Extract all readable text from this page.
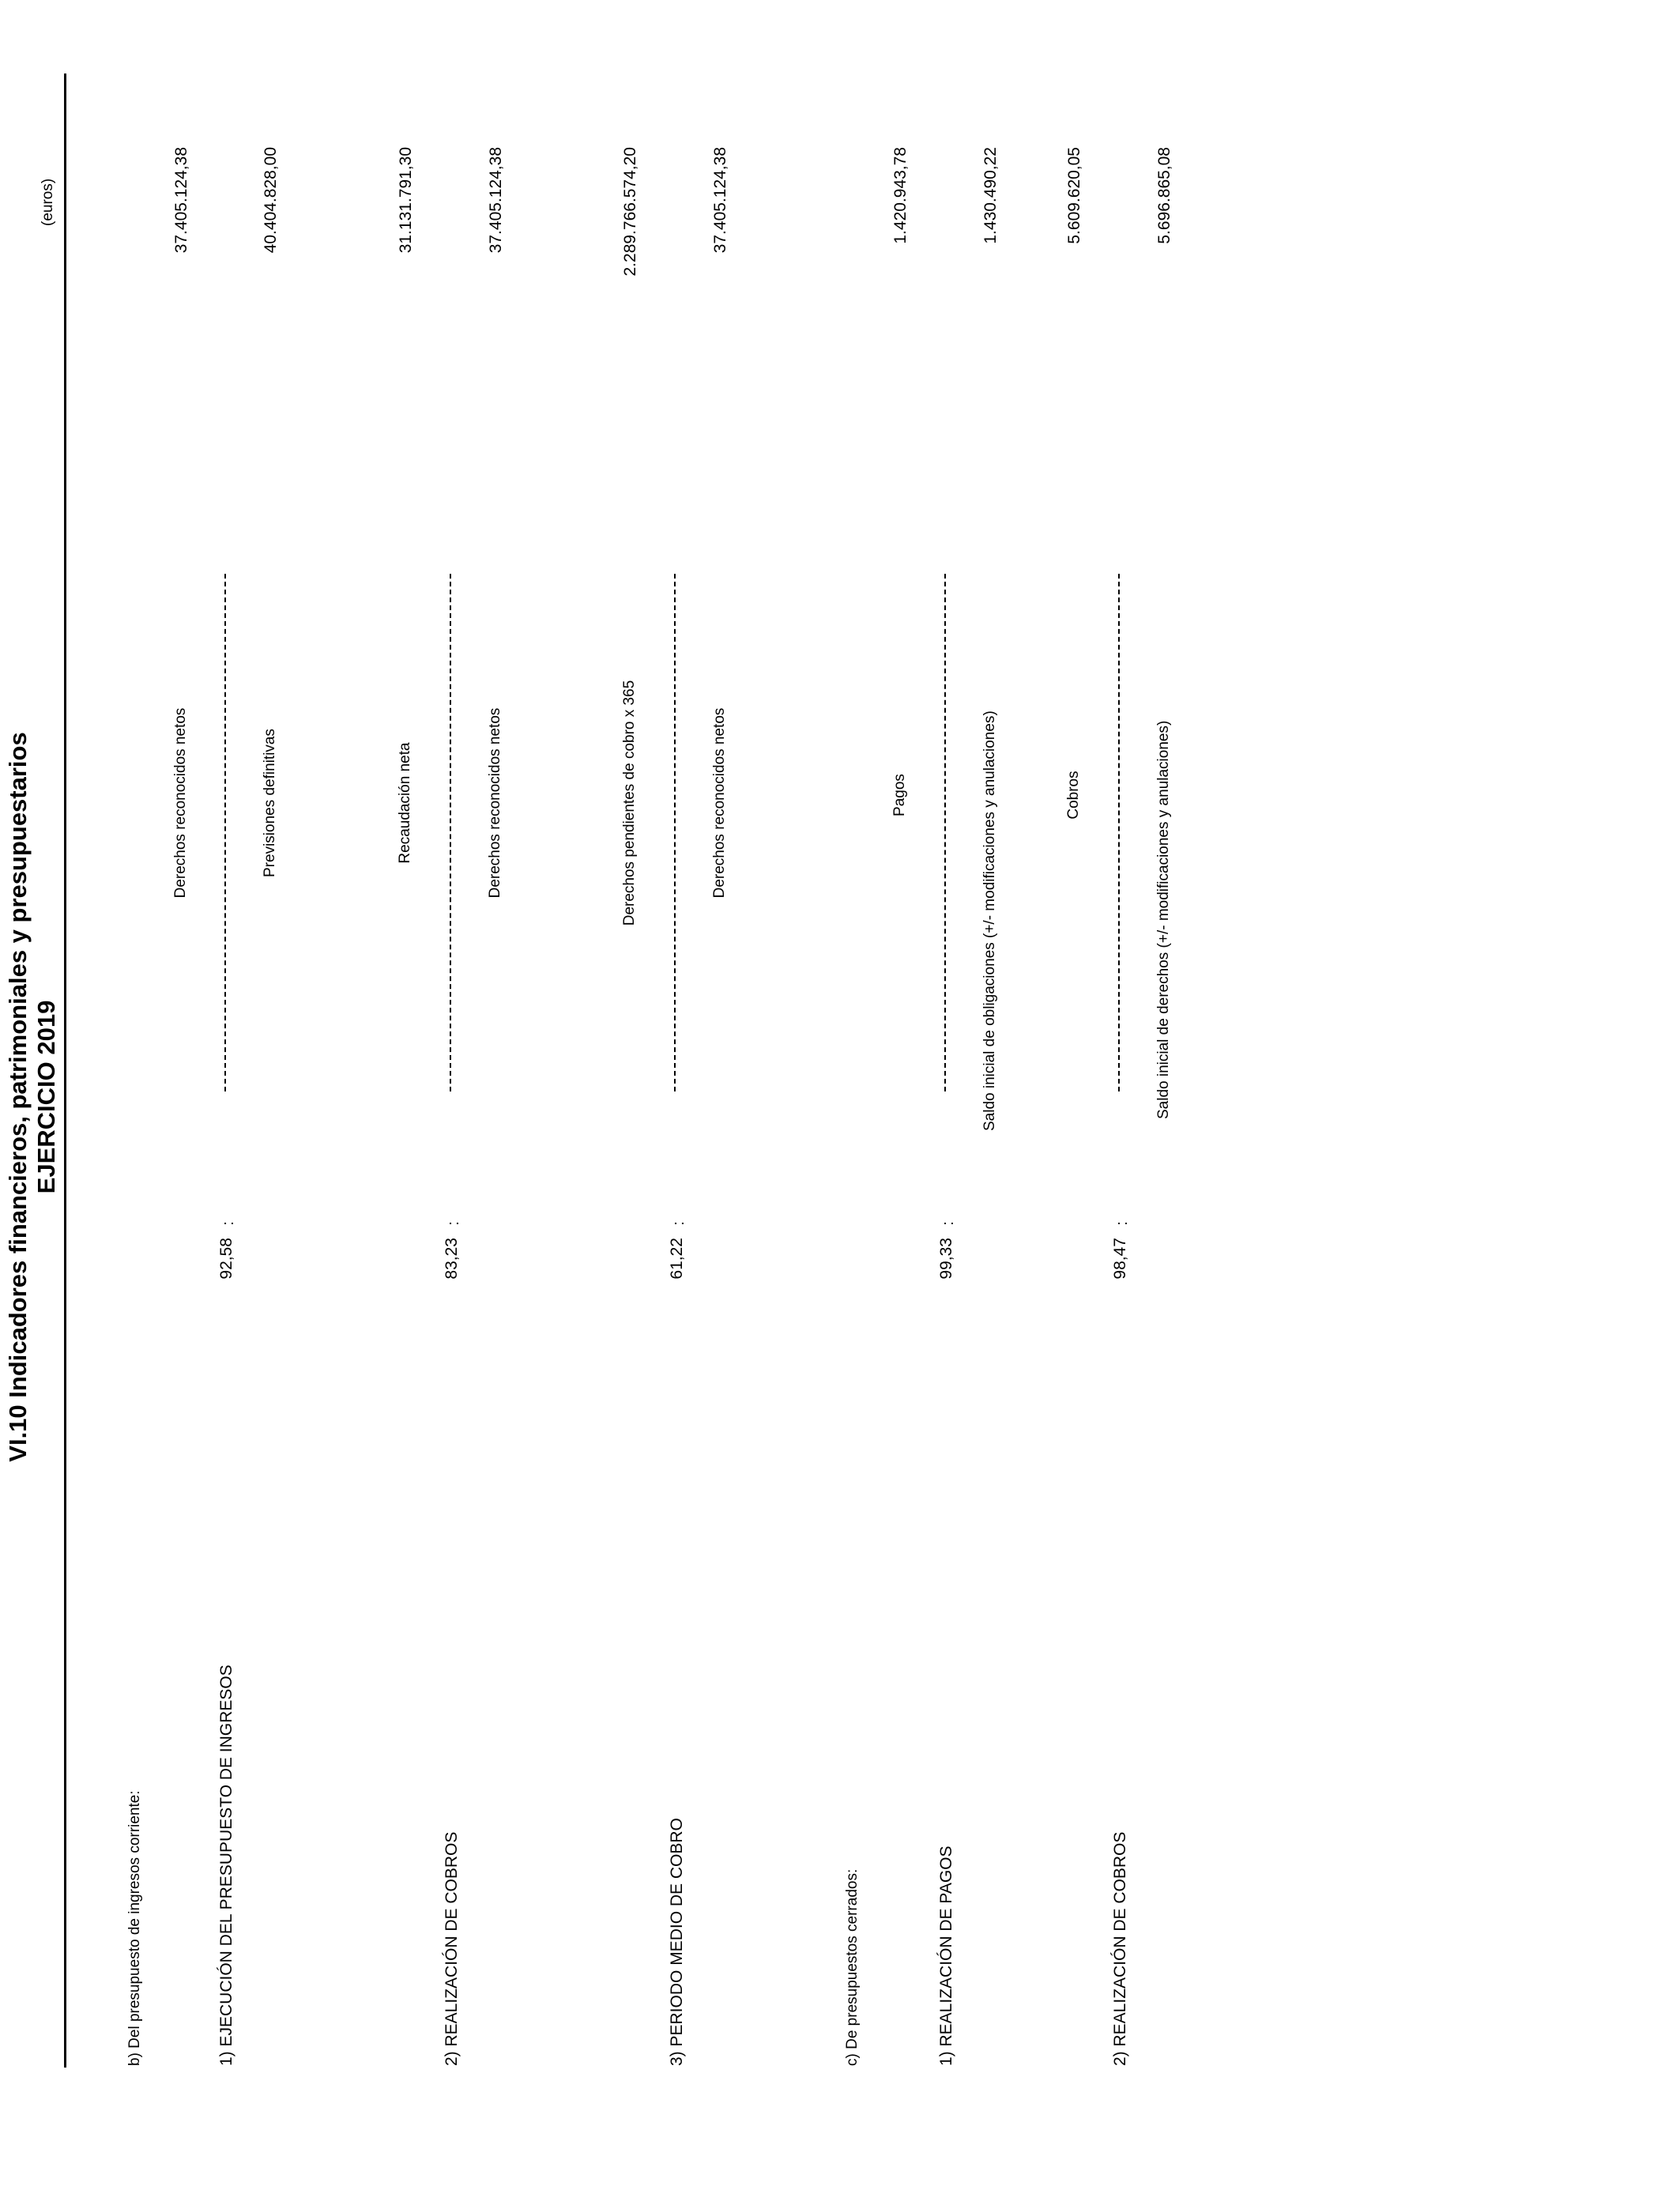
VI.10 Indicadores financieros, patrimoniales y presupuestarios EJERCICIO 2019
(euros)
b) Del presupuesto de ingresos corriente:	1) EJECUCIÓN DEL PRESUPUESTO DE INGRESOS
92,58
:
Derechos reconocidos netos	Previsiones definitivas
37.405.124,38	40.404.828,00
2) REALIZACIÓN DE COBROS
83,23
:
Recaudación neta	Derechos reconocidos netos
31.131.791,30	37.405.124,38
3) PERIODO MEDIO DE COBRO
61,22
:
Derechos pendientes de cobro x 365	Derechos reconocidos netos
2.289.766.574,20	37.405.124,38
c) De presupuestos cerrados:	1) REALIZACIÓN DE PAGOS
99,33
:
Pagos	Saldo inicial de obligaciones (+/- modificaciones y anulaciones)
1.420.943,78	1.430.490,22
2) REALIZACIÓN DE COBROS
98,47
:
Cobros	Saldo inicial de derechos (+/- modificaciones y anulaciones)
5.609.620,05	5.696.865,08
